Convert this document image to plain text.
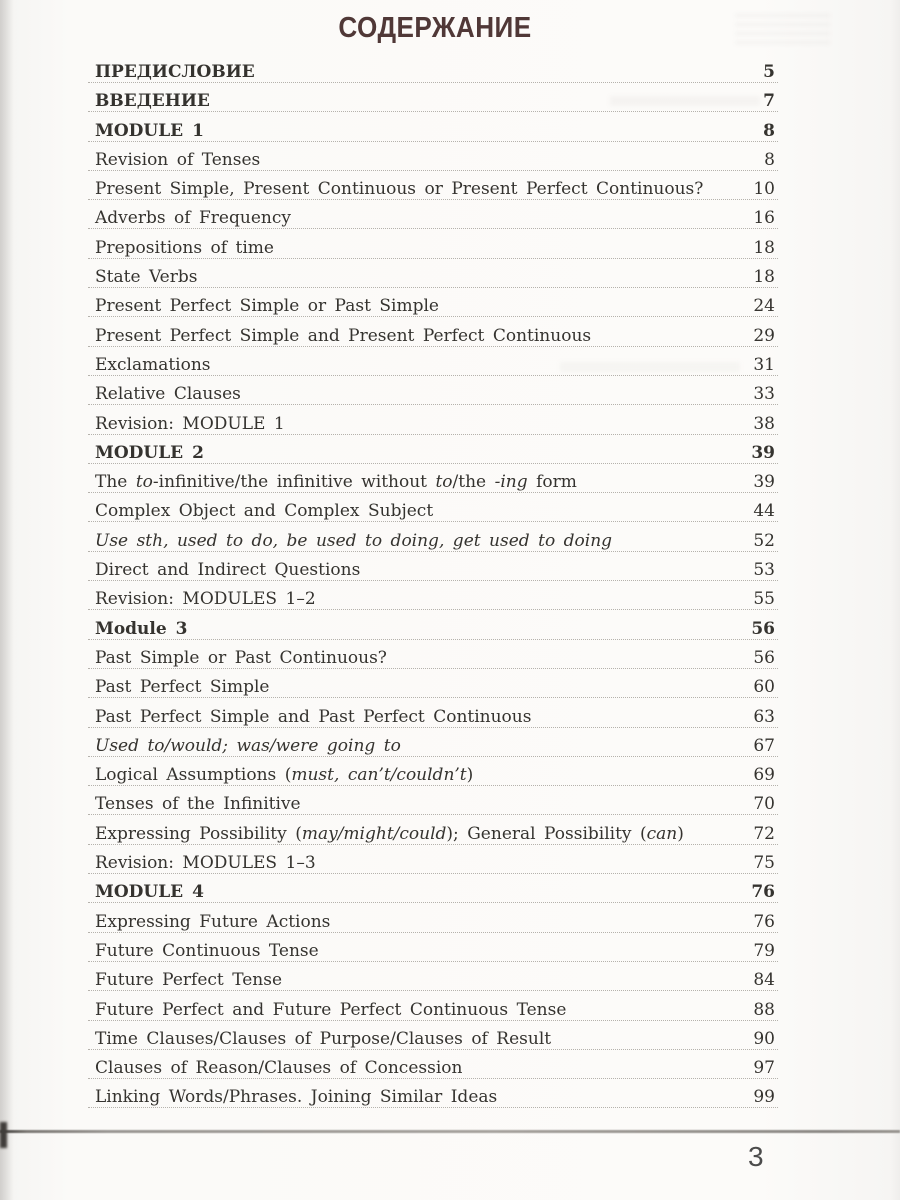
СОДЕРЖАНИЕ
ПРЕДИСЛОВИЕ	5
ВВЕДЕНИЕ	7
MODULE 1	8
Revision of Tenses	8
Present Simple, Present Continuous or Present Perfect Continuous?	10
Adverbs of Frequency	16
Prepositions of time	18
State Verbs	18
Present Perfect Simple or Past Simple	24
Present Perfect Simple and Present Perfect Continuous	29
Exclamations	31
Relative Clauses	33
Revision: MODULE 1	38
MODULE 2	39
The to-infinitive/the infinitive without to/the -ing form	39
Complex Object and Complex Subject	44
Use sth, used to do, be used to doing, get used to doing	52
Direct and Indirect Questions	53
Revision: MODULES 1–2	55
Module 3	56
Past Simple or Past Continuous?	56
Past Perfect Simple	60
Past Perfect Simple and Past Perfect Continuous	63
Used to/would; was/were going to	67
Logical Assumptions (must, can’t/couldn’t)	69
Tenses of the Infinitive	70
Expressing Possibility (may/might/could); General Possibility (can)	72
Revision: MODULES 1–3	75
MODULE 4	76
Expressing Future Actions	76
Future Continuous Tense	79
Future Perfect Tense	84
Future Perfect and Future Perfect Continuous Tense	88
Time Clauses/Clauses of Purpose/Clauses of Result	90
Clauses of Reason/Clauses of Concession	97
Linking Words/Phrases. Joining Similar Ideas	99
3
